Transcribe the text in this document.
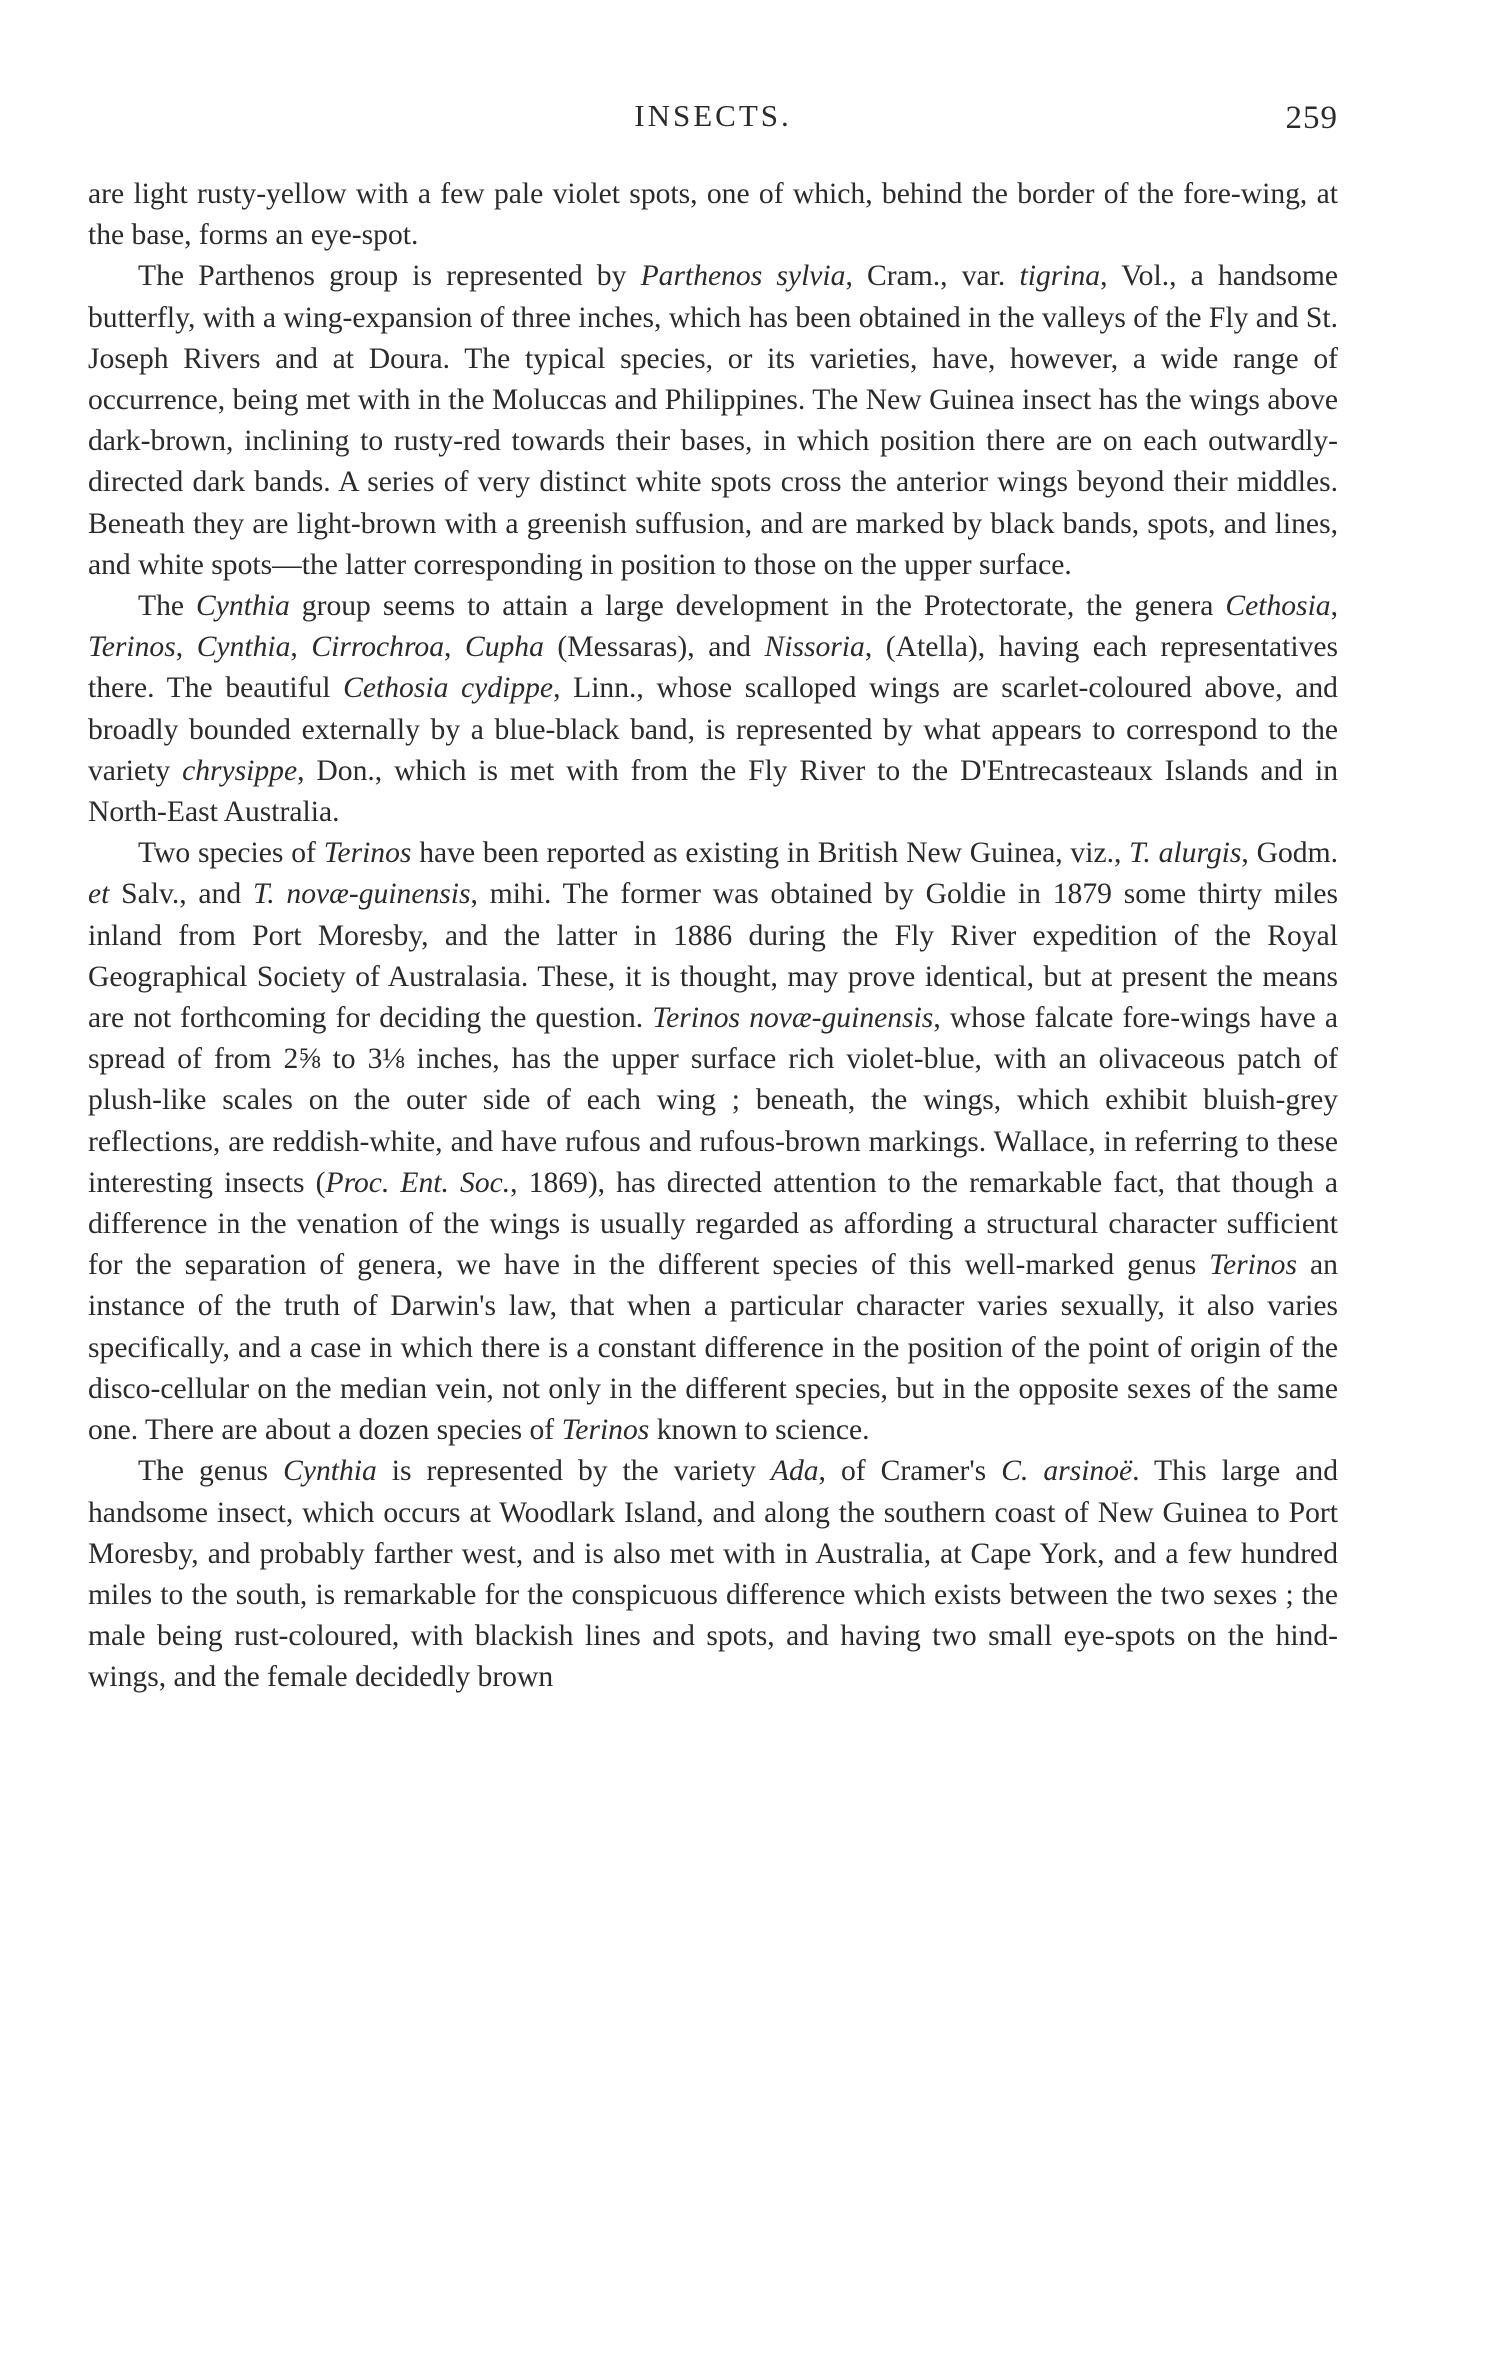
INSECTS.	259

are light rusty-yellow with a few pale violet spots, one of which, behind the border of the fore-wing, at the base, forms an eye-spot.

The Parthenos group is represented by Parthenos sylvia, Cram., var. tigrina, Vol., a handsome butterfly, with a wing-expansion of three inches, which has been obtained in the valleys of the Fly and St. Joseph Rivers and at Doura. The typical species, or its varieties, have, however, a wide range of occurrence, being met with in the Moluccas and Philippines. The New Guinea insect has the wings above dark-brown, inclining to rusty-red towards their bases, in which position there are on each outwardly-directed dark bands. A series of very distinct white spots cross the anterior wings beyond their middles. Beneath they are light-brown with a greenish suffusion, and are marked by black bands, spots, and lines, and white spots—the latter corresponding in position to those on the upper surface.

The Cynthia group seems to attain a large development in the Protectorate, the genera Cethosia, Terinos, Cynthia, Cirrochroa, Cupha (Messaras), and Nissoria, (Atella), having each representatives there. The beautiful Cethosia cydippe, Linn., whose scalloped wings are scarlet-coloured above, and broadly bounded externally by a blue-black band, is represented by what appears to correspond to the variety chrysippe, Don., which is met with from the Fly River to the D'Entrecasteaux Islands and in North-East Australia.

Two species of Terinos have been reported as existing in British New Guinea, viz., T. alurgis, Godm. et Salv., and T. novæ-guinensis, mihi. The former was obtained by Goldie in 1879 some thirty miles inland from Port Moresby, and the latter in 1886 during the Fly River expedition of the Royal Geographical Society of Australasia. These, it is thought, may prove identical, but at present the means are not forthcoming for deciding the question. Terinos novæ-guinensis, whose falcate fore-wings have a spread of from 2⅝ to 3⅛ inches, has the upper surface rich violet-blue, with an olivaceous patch of plush-like scales on the outer side of each wing ; beneath, the wings, which exhibit bluish-grey reflections, are reddish-white, and have rufous and rufous-brown markings. Wallace, in referring to these interesting insects (Proc. Ent. Soc., 1869), has directed attention to the remarkable fact, that though a difference in the venation of the wings is usually regarded as affording a structural character sufficient for the separation of genera, we have in the different species of this well-marked genus Terinos an instance of the truth of Darwin's law, that when a particular character varies sexually, it also varies specifically, and a case in which there is a constant difference in the position of the point of origin of the disco-cellular on the median vein, not only in the different species, but in the opposite sexes of the same one. There are about a dozen species of Terinos known to science.

The genus Cynthia is represented by the variety Ada, of Cramer's C. arsinoë. This large and handsome insect, which occurs at Woodlark Island, and along the southern coast of New Guinea to Port Moresby, and probably farther west, and is also met with in Australia, at Cape York, and a few hundred miles to the south, is remarkable for the conspicuous difference which exists between the two sexes ; the male being rust-coloured, with blackish lines and spots, and having two small eye-spots on the hind-wings, and the female decidedly brown
